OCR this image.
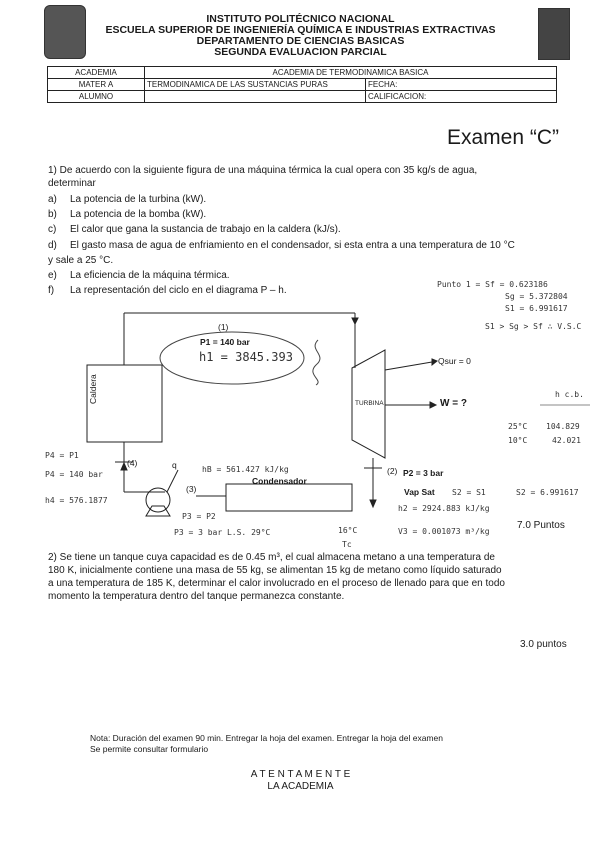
INSTITUTO POLITÉCNICO NACIONAL
ESCUELA SUPERIOR DE INGENIERÍA QUÍMICA E INDUSTRIAS EXTRACTIVAS
DEPARTAMENTO DE CIENCIAS BASICAS
SEGUNDA EVALUACION PARCIAL
ACADEMIA	ACADEMIA DE TERMODINAMICA BASICA	
MATER A	TERMODINAMICA DE LAS SUSTANCIAS PURAS	FECHA:
ALUMNO		CALIFICACION:
Examen “C”
1) De acuerdo con la siguiente figura de una máquina térmica la cual opera con 35 kg/s de agua,
determinar
a) La potencia de la turbina (kW).
b) La potencia de la bomba (kW).
c) El calor que gana la sustancia de trabajo en la caldera (kJ/s).
d) El gasto masa de agua de enfriamiento en el condensador, si esta entra a una temperatura de 10 °C
y sale a 25 °C.
e) La eficiencia de la máquina térmica.
f) La representación del ciclo en el diagrama P – h.
Caldera	TURBINA
Condensador
P1 = 140 bar
(1)
(2)
(3)
(4)
P2 = 3 bar
Vap Sat
Qsur = 0
W = ?
q
h1 = 3845.393
Punto 1 = Sf = 0.623186
Sg = 5.372804
S1 = 6.991617
S1 > Sg > Sf ∴ V.S.C
h c.b.
25°C 104.829
10°C	42.021
P4 = P1
P4 = 140 bar
h4 = 576.1877
hB = 561.427 kJ/kg
P3 = P2
P3 = 3 bar L.S. 29°C
S2 = S1	S2 = 6.991617
h2 = 2924.883 kJ/kg
V3 = 0.001073 m³/kg
16°C
Tc
7.0 Puntos
2) Se tiene un tanque cuya capacidad es de 0.45 m³, el cual almacena metano a una temperatura de
180 K, inicialmente contiene una masa de 55 kg, se alimentan 15 kg de metano como líquido saturado
a una temperatura de 185 K, determinar el calor involucrado en el proceso de llenado para que en todo
momento la temperatura dentro del tanque permanezca constante.
3.0 puntos
Nota: Duración del examen 90 min. Entregar la hoja del examen. Entregar la hoja del examen
Se permite consultar formulario
A T E N T A M E N T E
LA ACADEMIA
